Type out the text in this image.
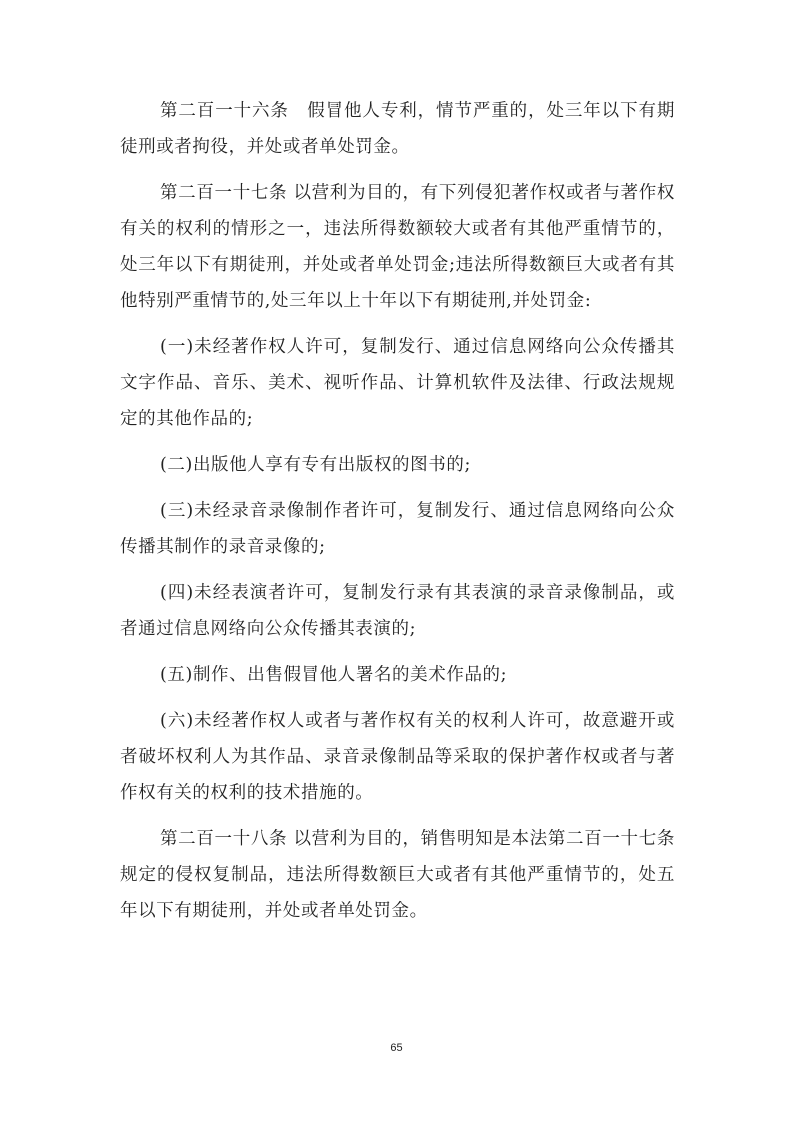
第二百一十六条　假冒他人专利，情节严重的，处三年以下有期徒刑或者拘役，并处或者单处罚金。

第二百一十七条 以营利为目的，有下列侵犯著作权或者与著作权有关的权利的情形之一，违法所得数额较大或者有其他严重情节的，处三年以下有期徒刑，并处或者单处罚金;违法所得数额巨大或者有其他特别严重情节的,处三年以上十年以下有期徒刑,并处罚金:

(一)未经著作权人许可，复制发行、通过信息网络向公众传播其文字作品、音乐、美术、视听作品、计算机软件及法律、行政法规规定的其他作品的;

(二)出版他人享有专有出版权的图书的;

(三)未经录音录像制作者许可，复制发行、通过信息网络向公众传播其制作的录音录像的;

(四)未经表演者许可，复制发行录有其表演的录音录像制品，或者通过信息网络向公众传播其表演的;

(五)制作、出售假冒他人署名的美术作品的;

(六)未经著作权人或者与著作权有关的权利人许可，故意避开或者破坏权利人为其作品、录音录像制品等采取的保护著作权或者与著作权有关的权利的技术措施的。

第二百一十八条 以营利为目的，销售明知是本法第二百一十七条规定的侵权复制品，违法所得数额巨大或者有其他严重情节的，处五年以下有期徒刑，并处或者单处罚金。

65
